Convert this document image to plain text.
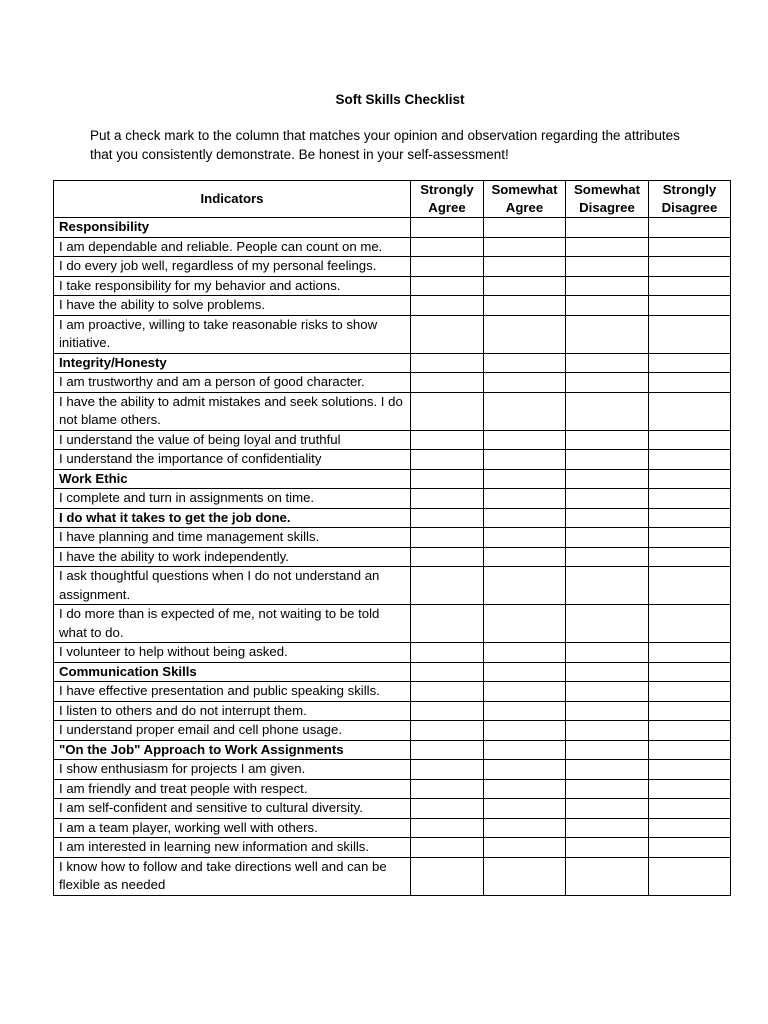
Soft Skills Checklist
Put a check mark to the column that matches your opinion and observation regarding the attributes that you consistently demonstrate. Be honest in your self-assessment!
Indicators	Strongly Agree	Somewhat Agree	Somewhat Disagree	Strongly Disagree
Responsibility				
I am dependable and reliable. People can count on me.				
I do every job well, regardless of my personal feelings.				
I take responsibility for my behavior and actions.				
I have the ability to solve problems.				
I am proactive, willing to take reasonable risks to show initiative.				
Integrity/Honesty				
I am trustworthy and am a person of good character.				
I have the ability to admit mistakes and seek solutions. I do not blame others.				
I understand the value of being loyal and truthful				
I understand the importance of confidentiality				
Work Ethic				
I complete and turn in assignments on time.				
I do what it takes to get the job done.				
I have planning and time management skills.				
I have the ability to work independently.				
I ask thoughtful questions when I do not understand an assignment.				
I do more than is expected of me, not waiting to be told what to do.				
I volunteer to help without being asked.				
Communication Skills				
I have effective presentation and public speaking skills.				
I listen to others and do not interrupt them.				
I understand proper email and cell phone usage.				
"On the Job" Approach to Work Assignments				
I show enthusiasm for projects I am given.				
I am friendly and treat people with respect.				
I am self-confident and sensitive to cultural diversity.				
I am a team player, working well with others.				
I am interested in learning new information and skills.				
I know how to follow and take directions well and can be flexible as needed				
